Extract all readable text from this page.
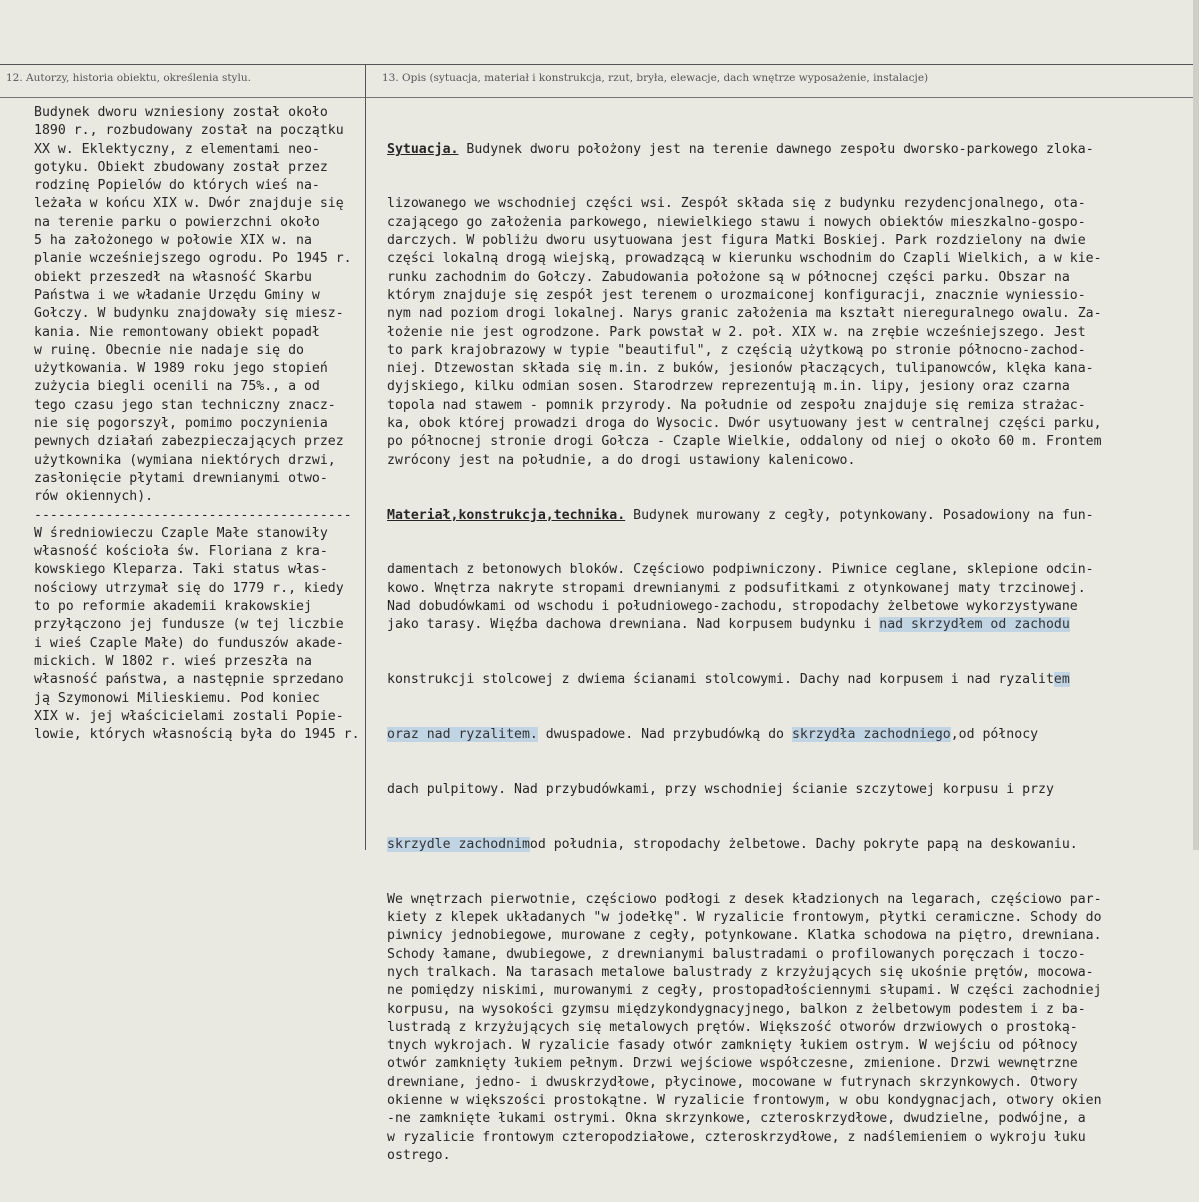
12. Autorzy, historia obiektu, określenia stylu.	13. Opis (sytuacja, materiał i konstrukcja, rzut, bryła, elewacje, dach wnętrze wyposażenie, instalacje)
Budynek dworu wzniesiony został około
1890 r., rozbudowany został na początku
XX w. Eklektyczny, z elementami neo-
gotyku. Obiekt zbudowany został przez
rodzinę Popielów do których wieś na-
leżała w końcu XIX w. Dwór znajduje się
na terenie parku o powierzchni około
5 ha założonego w połowie XIX w. na
planie wcześniejszego ogrodu. Po 1945 r.
obiekt przeszedł na własność Skarbu
Państwa i we władanie Urzędu Gminy w
Gołczy. W budynku znajdowały się miesz-
kania. Nie remontowany obiekt popadł
w ruinę. Obecnie nie nadaje się do
użytkowania. W 1989 roku jego stopień
zużycia biegli ocenili na 75%., a od
tego czasu jego stan techniczny znacz-
nie się pogorszył, pomimo poczynienia
pewnych działań zabezpieczających przez
użytkownika (wymiana niektórych drzwi,
zasłonięcie płytami drewnianymi otwo-
rów okiennych).
----------------------------------------
W średniowieczu Czaple Małe stanowiły
własność kościoła św. Floriana z kra-
kowskiego Kleparza. Taki status włas-
nościowy utrzymał się do 1779 r., kiedy
to po reformie akademii krakowskiej
przyłączono jej fundusze (w tej liczbie
i wieś Czaple Małe) do funduszów akade-
mickich. W 1802 r. wieś przeszła na
własność państwa, a następnie sprzedano
ją Szymonowi Milieskiemu. Pod koniec
XIX w. jej właścicielami zostali Popie-
lowie, których własnością była do 1945 r.

Sytuacja. Budynek dworu położony jest na terenie dawnego zespołu dworsko-parkowego zloka-

lizowanego we wschodniej części wsi. Zespół składa się z budynku rezydencjonalnego, ota-
czającego go założenia parkowego, niewielkiego stawu i nowych obiektów mieszkalno-gospo-
darczych. W pobliżu dworu usytuowana jest figura Matki Boskiej. Park rozdzielony na dwie
części lokalną drogą wiejską, prowadzącą w kierunku wschodnim do Czapli Wielkich, a w kie-
runku zachodnim do Gołczy. Zabudowania położone są w północnej części parku. Obszar na
którym znajduje się zespół jest terenem o urozmaiconej konfiguracji, znacznie wyniessio-
nym nad poziom drogi lokalnej. Narys granic założenia ma kształt niereguralnego owalu. Za-
łożenie nie jest ogrodzone. Park powstał w 2. poł. XIX w. na zrębie wcześniejszego. Jest
to park krajobrazowy w typie "beautiful", z częścią użytkową po stronie północno-zachod-
niej. Dtzewostan składa się m.in. z buków, jesionów płaczących, tulipanowców, klęka kana-
dyjskiego, kilku odmian sosen. Starodrzew reprezentują m.in. lipy, jesiony oraz czarna
topola nad stawem - pomnik przyrody. Na południe od zespołu znajduje się remiza strażac-
ka, obok której prowadzi droga do Wysocic. Dwór usytuowany jest w centralnej części parku,
po północnej stronie drogi Gołcza - Czaple Wielkie, oddalony od niej o około 60 m. Frontem
zwrócony jest na południe, a do drogi ustawiony kalenicowo.

Materiał,konstrukcja,technika. Budynek murowany z cegły, potynkowany. Posadowiony na fun-

damentach z betonowych bloków. Częściowo podpiwniczony. Piwnice ceglane, sklepione odcin-
kowo. Wnętrza nakryte stropami drewnianymi z podsufitkami z otynkowanej maty trzcinowej.
Nad dobudówkami od wschodu i południowego-zachodu, stropodachy żelbetowe wykorzystywane
jako tarasy. Więźba dachowa drewniana. Nad korpusem budynku i nad skrzydłem od zachodu

konstrukcji stolcowej z dwiema ścianami stolcowymi. Dachy nad korpusem i nad ryzalitem

oraz nad ryzalitem. dwuspadowe. Nad przybudówką do skrzydła zachodniego,od północy

dach pulpitowy. Nad przybudówkami, przy wschodniej ścianie szczytowej korpusu i przy

skrzydle zachodnimod południa, stropodachy żelbetowe. Dachy pokryte papą na deskowaniu.

We wnętrzach pierwotnie, częściowo podłogi z desek kładzionych na legarach, częściowo par-
kiety z klepek układanych "w jodełkę". W ryzalicie frontowym, płytki ceramiczne. Schody do
piwnicy jednobiegowe, murowane z cegły, potynkowane. Klatka schodowa na piętro, drewniana.
Schody łamane, dwubiegowe, z drewnianymi balustradami o profilowanych poręczach i toczo-
nych tralkach. Na tarasach metalowe balustrady z krzyżujących się ukośnie prętów, mocowa-
ne pomiędzy niskimi, murowanymi z cegły, prostopadłościennymi słupami. W części zachodniej
korpusu, na wysokości gzymsu międzykondygnacyjnego, balkon z żelbetowym podestem i z ba-
lustradą z krzyżujących się metalowych prętów. Większość otworów drzwiowych o prostoką-
tnych wykrojach. W ryzalicie fasady otwór zamknięty łukiem ostrym. W wejściu od północy
otwór zamknięty łukiem pełnym. Drzwi wejściowe współczesne, zmienione. Drzwi wewnętrzne
drewniane, jedno- i dwuskrzydłowe, płycinowe, mocowane w futrynach skrzynkowych. Otwory
okienne w większości prostokątne. W ryzalicie frontowym, w obu kondygnacjach, otwory okien
-ne zamknięte łukami ostrymi. Okna skrzynkowe, czteroskrzydłowe, dwudzielne, podwójne, a
w ryzalicie frontowym czteropodziałowe, czteroskrzydłowe, z nadślemieniem o wykroju łuku
ostrego.
